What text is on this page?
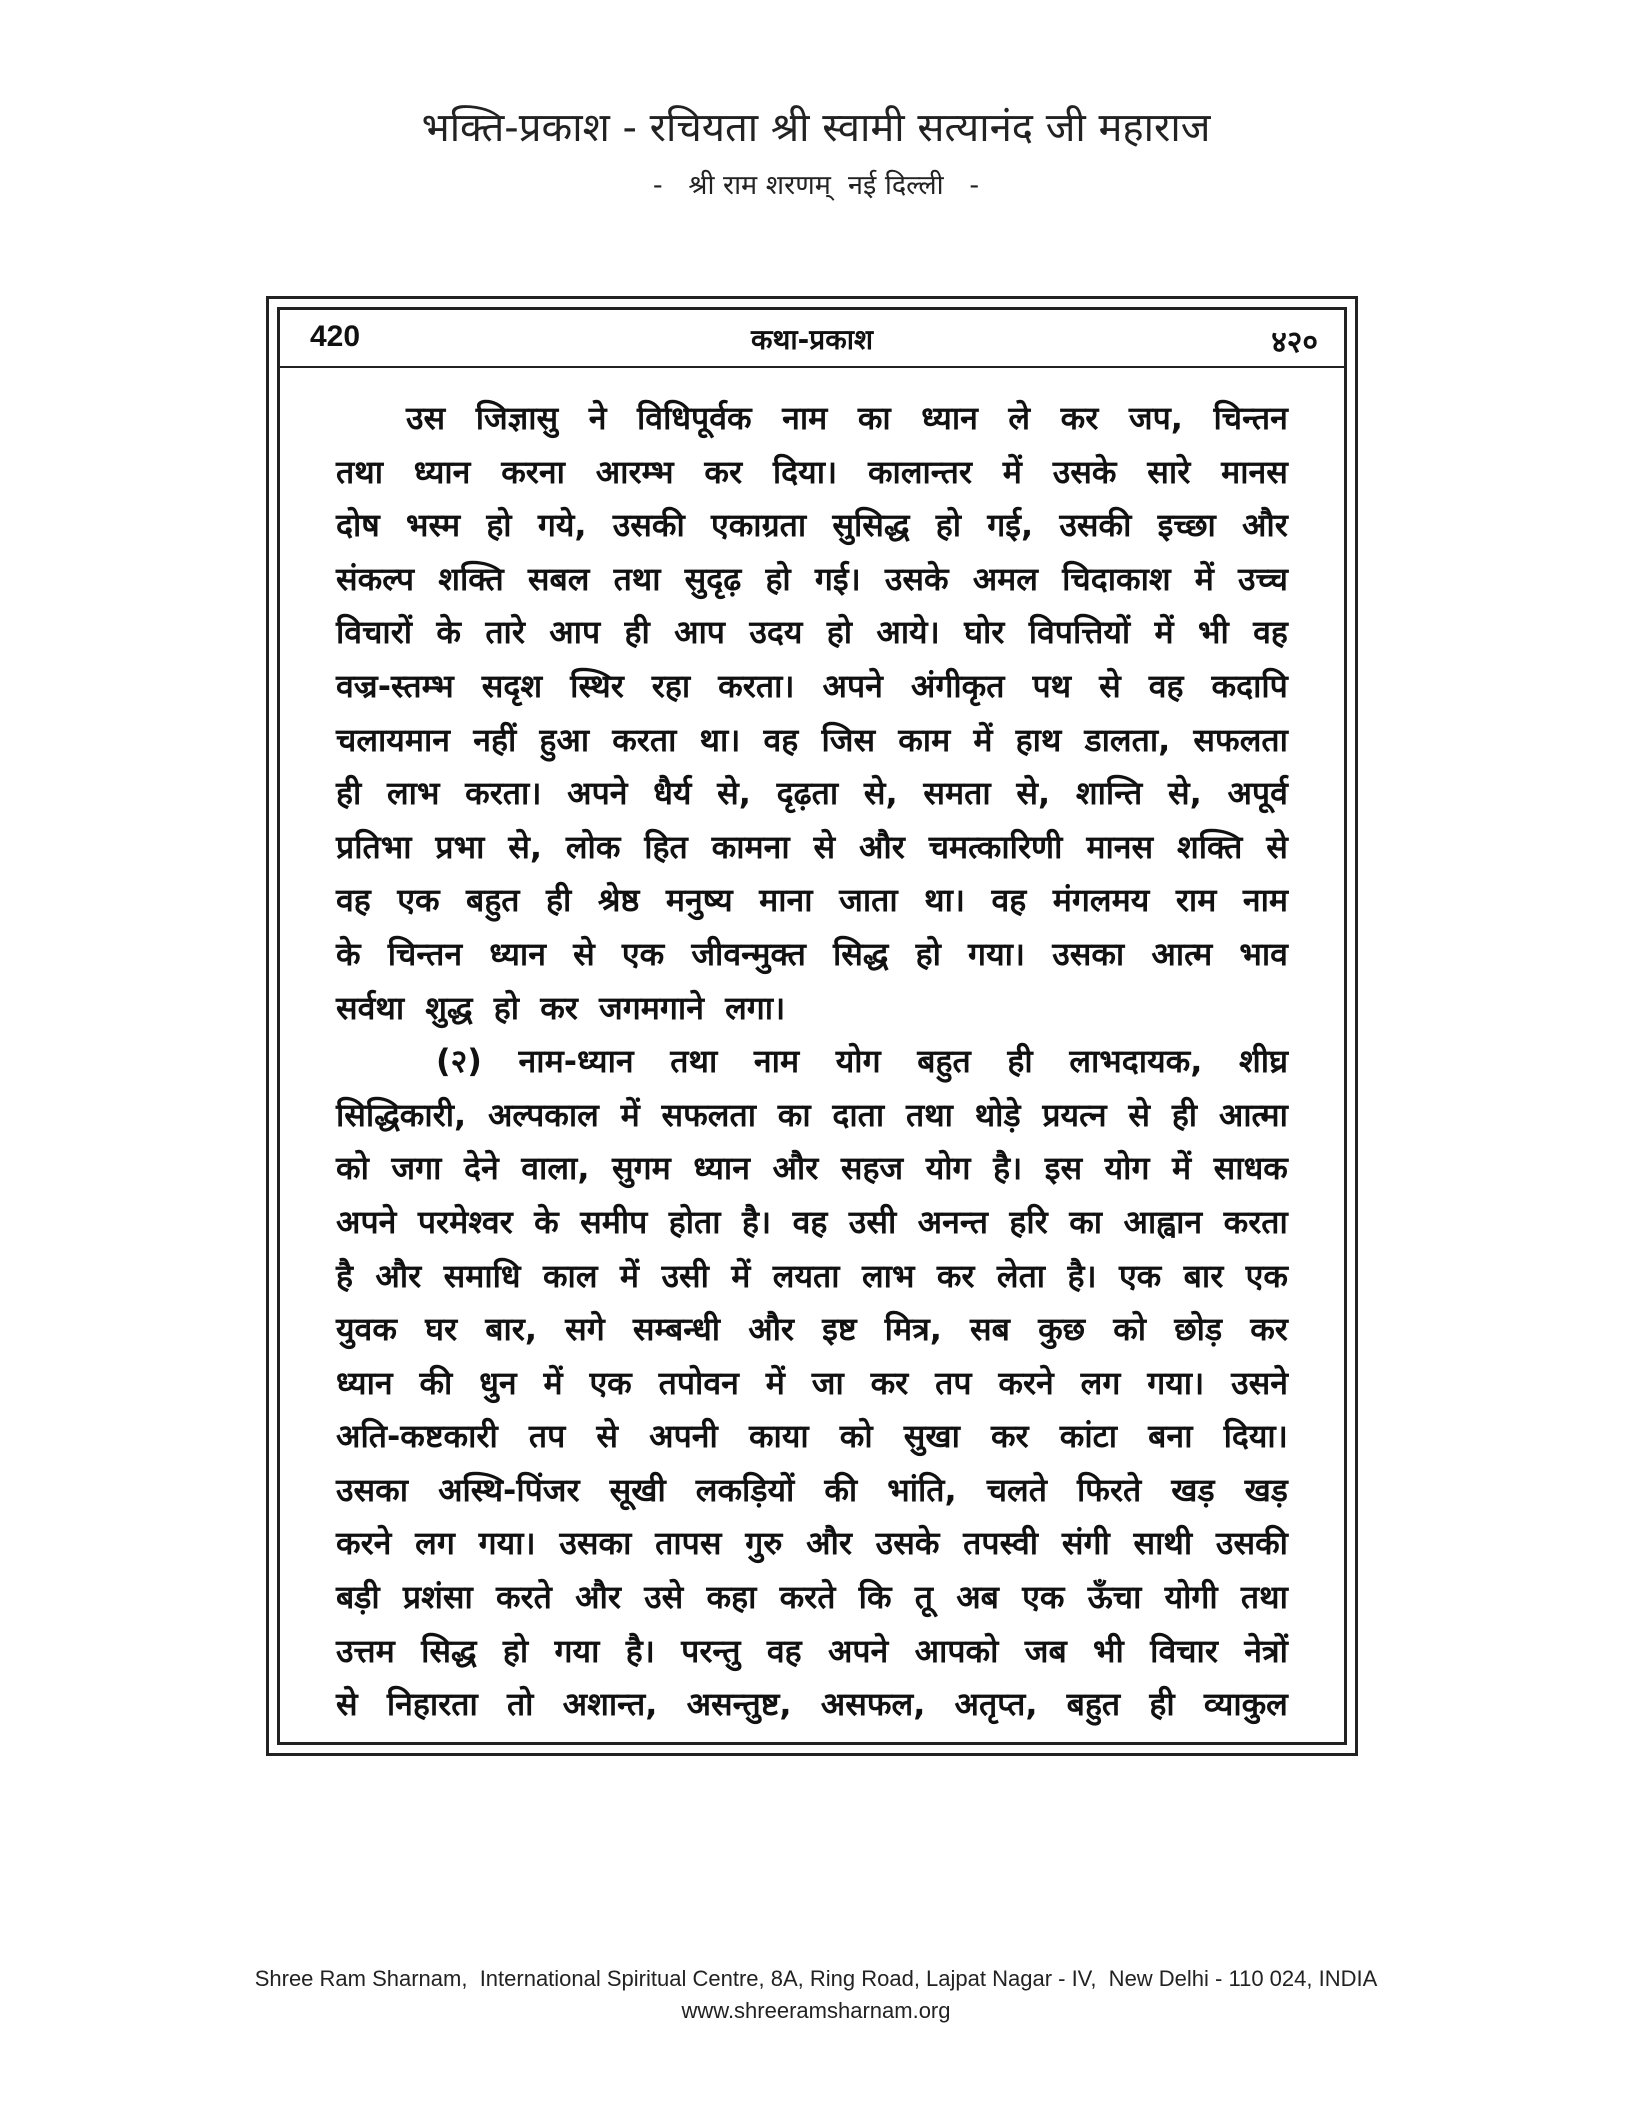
भक्ति-प्रकाश - रचियता श्री स्वामी सत्यानंद जी महाराज
-   श्री राम शरणम्  नई दिल्ली   -
420	कथा-प्रकाश	४२०
उस जिज्ञासु ने विधिपूर्वक नाम का ध्यान ले कर जप, चिन्तन
तथा ध्यान करना आरम्भ कर दिया। कालान्तर में उसके सारे मानस
दोष भस्म हो गये, उसकी एकाग्रता सुसिद्ध हो गई, उसकी इच्छा और
संकल्प शक्ति सबल तथा सुदृढ़ हो गई। उसके अमल चिदाकाश में उच्च
विचारों के तारे आप ही आप उदय हो आये। घोर विपत्तियों में भी वह
वज्र-स्तम्भ सदृश स्थिर रहा करता। अपने अंगीकृत पथ से वह कदापि
चलायमान नहीं हुआ करता था। वह जिस काम में हाथ डालता, सफलता
ही लाभ करता। अपने धैर्य से, दृढ़ता से, समता से, शान्ति से, अपूर्व
प्रतिभा प्रभा से, लोक हित कामना से और चमत्कारिणी मानस शक्ति से
वह एक बहुत ही श्रेष्ठ मनुष्य माना जाता था। वह मंगलमय राम नाम
के चिन्तन ध्यान से एक जीवन्मुक्त सिद्ध हो गया। उसका आत्म भाव
सर्वथा शुद्ध हो कर जगमगाने लगा।
(२) नाम-ध्यान तथा नाम योग बहुत ही लाभदायक, शीघ्र
सिद्धिकारी, अल्पकाल में सफलता का दाता तथा थोड़े प्रयत्न से ही आत्मा
को जगा देने वाला, सुगम ध्यान और सहज योग है। इस योग में साधक
अपने परमेश्वर के समीप होता है। वह उसी अनन्त हरि का आह्वान करता
है और समाधि काल में उसी में लयता लाभ कर लेता है। एक बार एक
युवक घर बार, सगे सम्बन्धी और इष्ट मित्र, सब कुछ को छोड़ कर
ध्यान की धुन में एक तपोवन में जा कर तप करने लग गया। उसने
अति-कष्टकारी तप से अपनी काया को सुखा कर कांटा बना दिया।
उसका अस्थि-पिंजर सूखी लकड़ियों की भांति, चलते फिरते खड़ खड़
करने लग गया। उसका तापस गुरु और उसके तपस्वी संगी साथी उसकी
बड़ी प्रशंसा करते और उसे कहा करते कि तू अब एक ऊँचा योगी तथा
उत्तम सिद्ध हो गया है। परन्तु वह अपने आपको जब भी विचार नेत्रों
से निहारता तो अशान्त, असन्तुष्ट, असफल, अतृप्त, बहुत ही व्याकुल
Shree Ram Sharnam,  International Spiritual Centre, 8A, Ring Road, Lajpat Nagar - IV,  New Delhi - 110 024, INDIA
www.shreeramsharnam.org
